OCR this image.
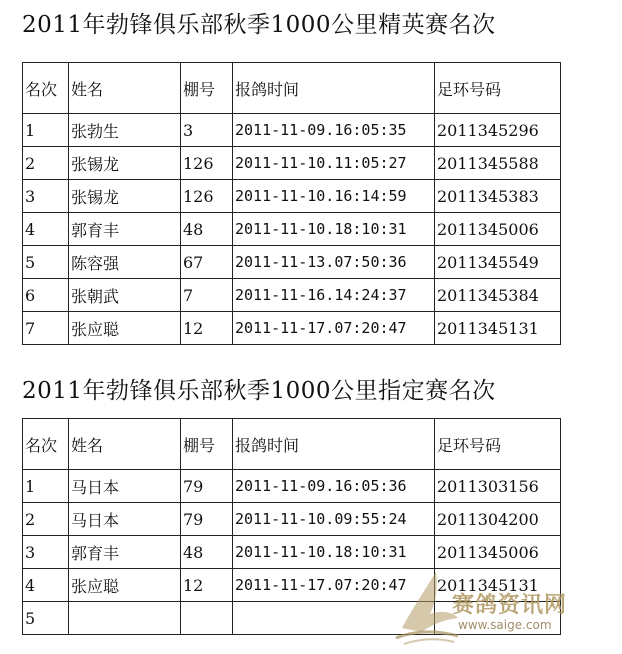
2011年勃锋俱乐部秋季1000公里精英赛名次
名次	姓名	棚号	报鸽时间	足环号码
1	张勃生	3	2011-11-09.16:05:35	2011345296
2	张锡龙	126	2011-11-10.11:05:27	2011345588
3	张锡龙	126	2011-11-10.16:14:59	2011345383
4	郭育丰	48	2011-11-10.18:10:31	2011345006
5	陈容强	67	2011-11-13.07:50:36	2011345549
6	张朝武	7	2011-11-16.14:24:37	2011345384
7	张应聪	12	2011-11-17.07:20:47	2011345131
2011年勃锋俱乐部秋季1000公里指定赛名次
名次	姓名	棚号	报鸽时间	足环号码
1	马日本	79	2011-11-09.16:05:36	2011303156
2	马日本	79	2011-11-10.09:55:24	2011304200
3	郭育丰	48	2011-11-10.18:10:31	2011345006
4	张应聪	12	2011-11-17.07:20:47	2011345131
5					赛鸽资讯网
www.saige.com
